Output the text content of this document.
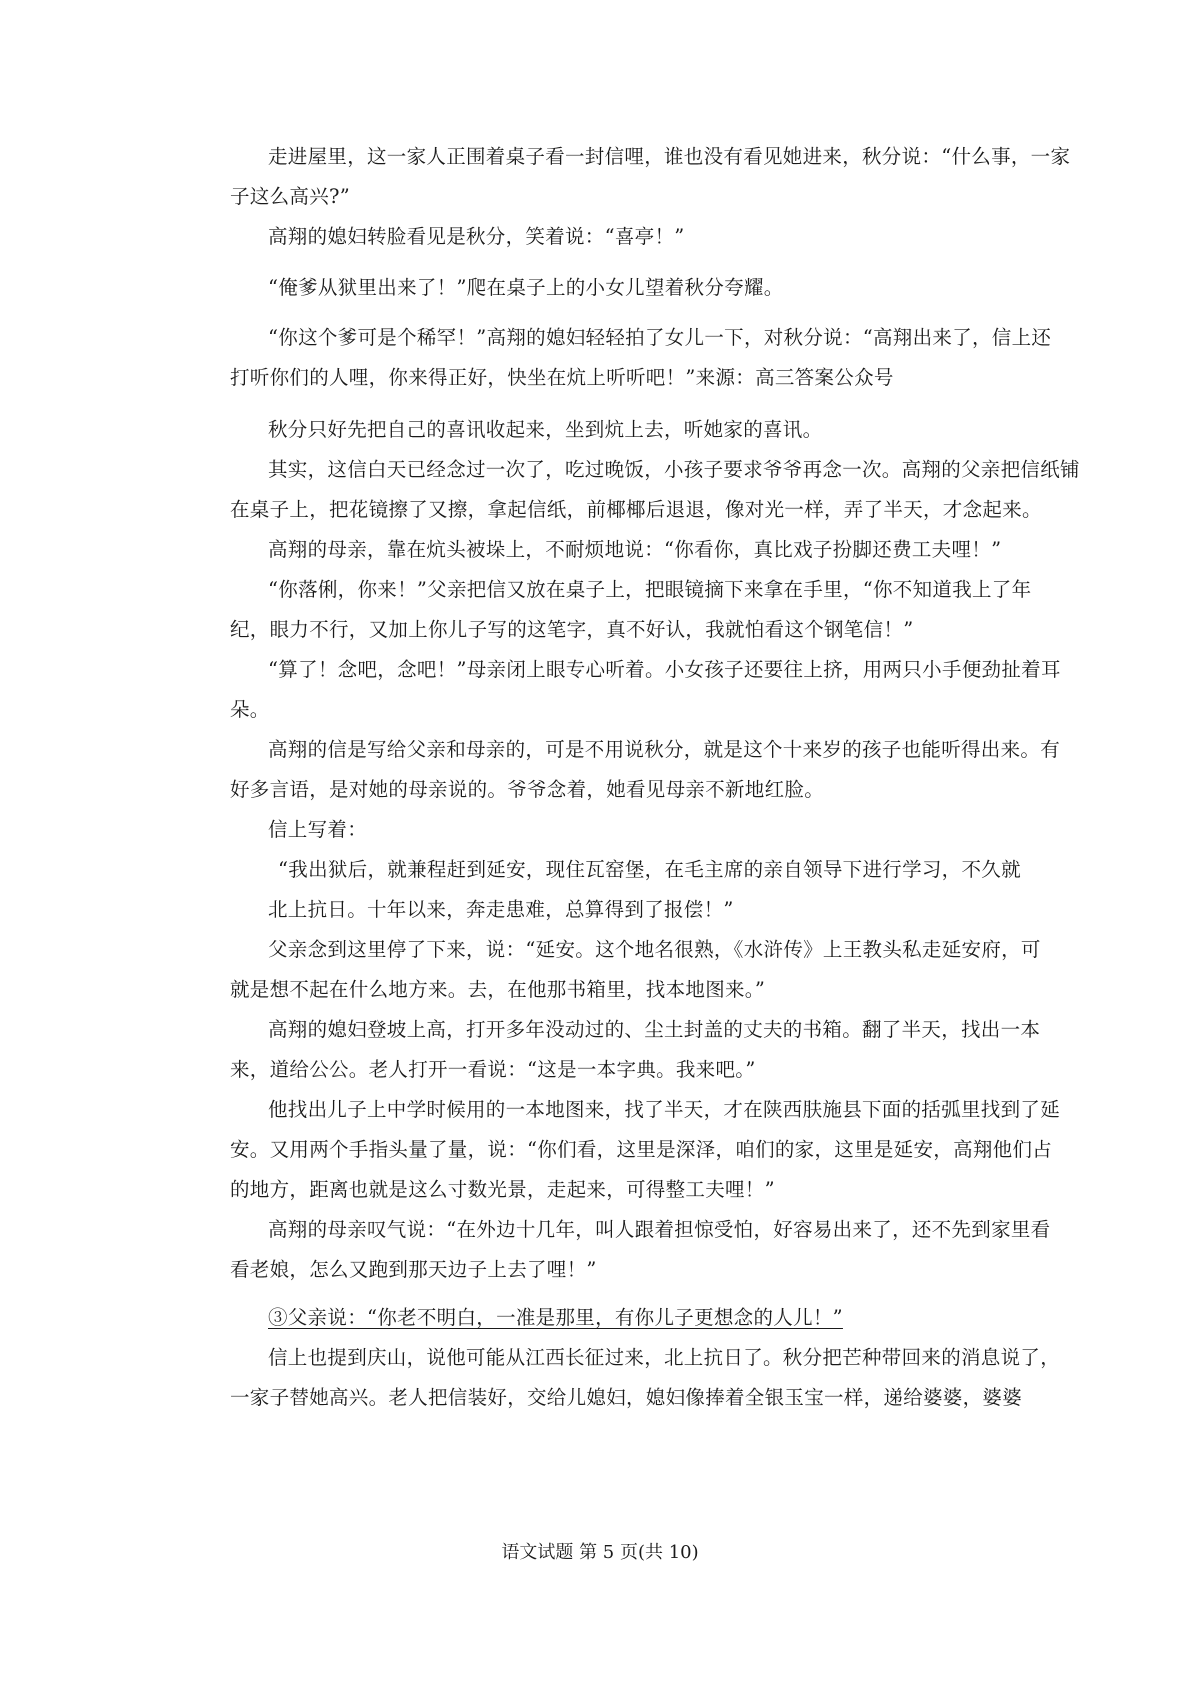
走进屋里，这一家人正围着桌子看一封信哩，谁也没有看见她进来，秋分说：“什么事，一家
子这么高兴?”
高翔的媳妇转脸看见是秋分，笑着说：“喜亭！”
“俺爹从狱里出来了！”爬在桌子上的小女儿望着秋分夸耀。
“你这个爹可是个稀罕！”高翔的媳妇轻轻拍了女儿一下，对秋分说：“高翔出来了，信上还
打听你们的人哩，你来得正好，快坐在炕上听听吧！”来源：高三答案公众号
秋分只好先把自己的喜讯收起来，坐到炕上去，听她家的喜讯。
其实，这信白天已经念过一次了，吃过晚饭，小孩子要求爷爷再念一次。高翔的父亲把信纸铺
在桌子上，把花镜擦了又擦，拿起信纸，前椰椰后退退，像对光一样，弄了半天，才念起来。
高翔的母亲，靠在炕头被垛上，不耐烦地说：“你看你，真比戏子扮脚还费工夫哩！”
“你落俐，你来！”父亲把信又放在桌子上，把眼镜摘下来拿在手里，“你不知道我上了年
纪，眼力不行，又加上你儿子写的这笔字，真不好认，我就怕看这个钢笔信！”
“算了！念吧，念吧！”母亲闭上眼专心听着。小女孩子还要往上挤，用两只小手便劲扯着耳
朵。
高翔的信是写给父亲和母亲的，可是不用说秋分，就是这个十来岁的孩子也能听得出来。有
好多言语，是对她的母亲说的。爷爷念着，她看见母亲不新地红脸。
信上写着：
“我出狱后，就兼程赶到延安，现住瓦窑堡，在毛主席的亲自领导下进行学习，不久就
北上抗日。十年以来，奔走患难，总算得到了报偿！”
父亲念到这里停了下来，说：“延安。这个地名很熟，《水浒传》上王教头私走延安府，可
就是想不起在什么地方来。去，在他那书箱里，找本地图来。”
高翔的媳妇登坡上高，打开多年没动过的、尘土封盖的丈夫的书箱。翻了半天，找出一本
来，道给公公。老人打开一看说：“这是一本字典。我来吧。”
他找出儿子上中学时候用的一本地图来，找了半天，才在陕西肤施县下面的括弧里找到了延
安。又用两个手指头量了量，说：“你们看，这里是深泽，咱们的家，这里是延安，高翔他们占
的地方，距离也就是这么寸数光景，走起来，可得整工夫哩！”
高翔的母亲叹气说：“在外边十几年，叫人跟着担惊受怕，好容易出来了，还不先到家里看
看老娘，怎么又跑到那天边子上去了哩！”
③父亲说：“你老不明白，一准是那里，有你儿子更想念的人儿！”
信上也提到庆山，说他可能从江西长征过来，北上抗日了。秋分把芒种带回来的消息说了，
一家子替她高兴。老人把信装好，交给儿媳妇，媳妇像捧着全银玉宝一样，递给婆婆，婆婆
语文试题 第 5 页(共 10)
